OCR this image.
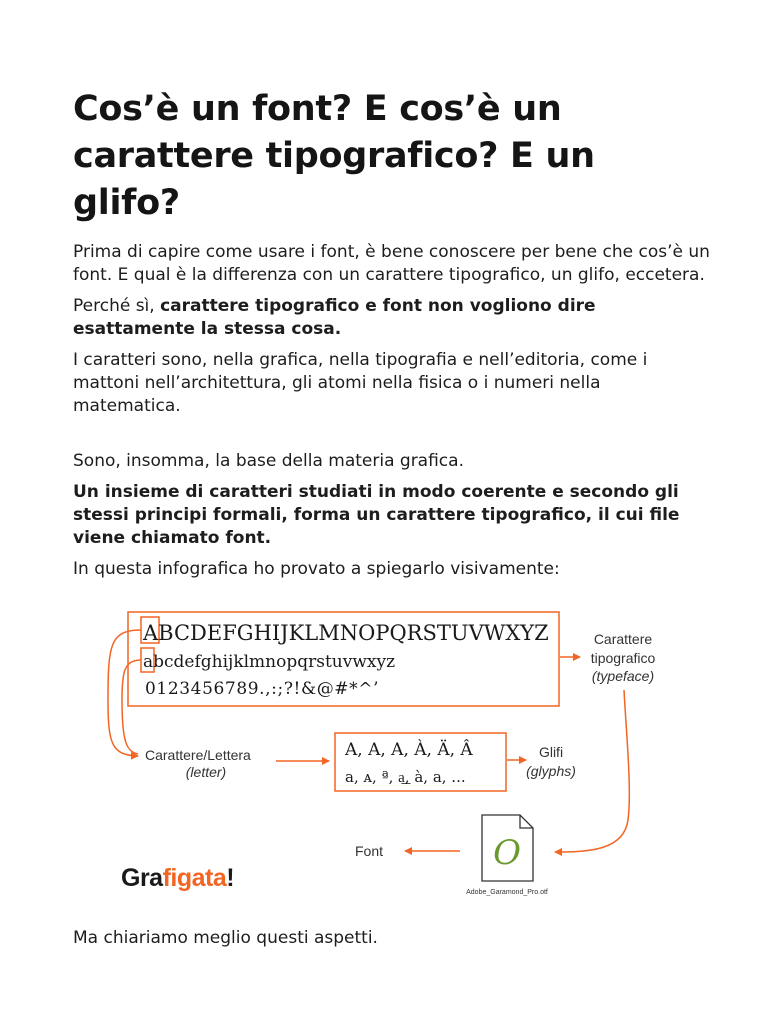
Cos’è un font? E cos’è un carattere tipografico? E un glifo?

Prima di capire come usare i font, è bene conoscere per bene che cos’è un font. E qual è la differenza con un carattere tipografico, un glifo, eccetera.

Perché sì, carattere tipografico e font non vogliono dire esattamente la stessa cosa.

I caratteri sono, nella grafica, nella tipografia e nell’editoria, come i mattoni nell’architettura, gli atomi nella fisica o i numeri nella matematica.

Sono, insomma, la base della materia grafica.

Un insieme di caratteri studiati in modo coerente e secondo gli stessi principi formali, forma un carattere tipografico, il cui file viene chiamato font.

In questa infografica ho provato a spiegarlo visivamente:

ABCDEFGHIJKLMNOPQRSTUVWXYZ
abcdefghijklmnopqrstuvwxyz
0123456789.,:;?!&@#*^’
Carattere
tipografico
(typeface)
Carattere/Lettera
(letter)
A, A, A, À, Ä, Â
a, ᴀ, ª, a͟, à, a, ...
Glifi
(glyphs)
O
Adobe_Garamond_Pro.otf
Font
Grafigata!
Ma chiariamo meglio questi aspetti.
